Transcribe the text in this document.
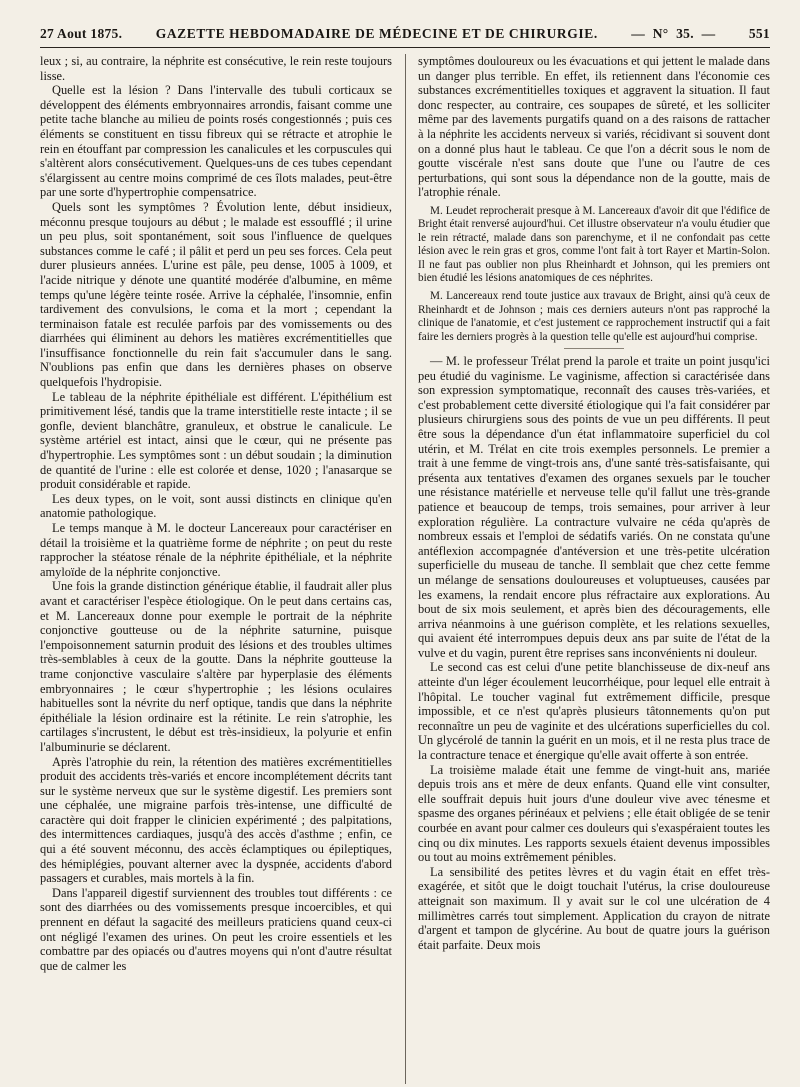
27 Aout 1875. GAZETTE HEBDOMADAIRE DE MÉDECINE ET DE CHIRURGIE. — N° 35. — 551

leux ; si, au contraire, la néphrite est consécutive, le rein reste toujours lisse.

Quelle est la lésion ? Dans l'intervalle des tubuli corticaux se développent des éléments embryonnaires arrondis, faisant comme une petite tache blanche au milieu de points rosés congestionnés ; puis ces éléments se constituent en tissu fibreux qui se rétracte et atrophie le rein en étouffant par compression les canalicules et les corpuscules qui s'altèrent alors consécutivement. Quelques-uns de ces tubes cependant s'élargissent au centre moins comprimé de ces îlots malades, peut-être par une sorte d'hypertrophie compensatrice.

Quels sont les symptômes ? Évolution lente, début insidieux, méconnu presque toujours au début ; le malade est essoufflé ; il urine un peu plus, soit spontanément, soit sous l'influence de quelques substances comme le café ; il pâlit et perd un peu ses forces. Cela peut durer plusieurs années. L'urine est pâle, peu dense, 1005 à 1009, et l'acide nitrique y dénote une quantité modérée d'albumine, en même temps qu'une légère teinte rosée. Arrive la céphalée, l'insomnie, enfin tardivement des convulsions, le coma et la mort ; cependant la terminaison fatale est reculée parfois par des vomissements ou des diarrhées qui éliminent au dehors les matières excrémentitielles que l'insuffisance fonctionnelle du rein fait s'accumuler dans le sang. N'oublions pas enfin que dans les dernières phases on observe quelquefois l'hydropisie.

Le tableau de la néphrite épithéliale est différent. L'épithélium est primitivement lésé, tandis que la trame interstitielle reste intacte ; il se gonfle, devient blanchâtre, granuleux, et obstrue le canalicule. Le système artériel est intact, ainsi que le cœur, qui ne présente pas d'hypertrophie. Les symptômes sont : un début soudain ; la diminution de quantité de l'urine : elle est colorée et dense, 1020 ; l'anasarque se produit considérable et rapide.

Les deux types, on le voit, sont aussi distincts en clinique qu'en anatomie pathologique.

Le temps manque à M. le docteur Lancereaux pour caractériser en détail la troisième et la quatrième forme de néphrite ; on peut du reste rapprocher la stéatose rénale de la néphrite épithéliale, et la néphrite amyloïde de la néphrite conjonctive.

Une fois la grande distinction générique établie, il faudrait aller plus avant et caractériser l'espèce étiologique. On le peut dans certains cas, et M. Lancereaux donne pour exemple le portrait de la néphrite conjonctive goutteuse ou de la néphrite saturnine, puisque l'empoisonnement saturnin produit des lésions et des troubles ultimes très-semblables à ceux de la goutte. Dans la néphrite goutteuse la trame conjonctive vasculaire s'altère par hyperplasie des éléments embryonnaires ; le cœur s'hypertrophie ; les lésions oculaires habituelles sont la névrite du nerf optique, tandis que dans la néphrite épithéliale la lésion ordinaire est la rétinite. Le rein s'atrophie, les cartilages s'incrustent, le début est très-insidieux, la polyurie et enfin l'albuminurie se déclarent.

Après l'atrophie du rein, la rétention des matières excrémentitielles produit des accidents très-variés et encore incomplétement décrits tant sur le système nerveux que sur le système digestif. Les premiers sont une céphalée, une migraine parfois très-intense, une difficulté de caractère qui doit frapper le clinicien expérimenté ; des palpitations, des intermittences cardiaques, jusqu'à des accès d'asthme ; enfin, ce qui a été souvent méconnu, des accès éclamptiques ou épileptiques, des hémiplégies, pouvant alterner avec la dyspnée, accidents d'abord passagers et curables, mais mortels à la fin.

Dans l'appareil digestif surviennent des troubles tout différents : ce sont des diarrhées ou des vomissements presque incoercibles, et qui prennent en défaut la sagacité des meilleurs praticiens quand ceux-ci ont négligé l'examen des urines. On peut les croire essentiels et les combattre par des opiacés ou d'autres moyens qui n'ont d'autre résultat que de calmer les

symptômes douloureux ou les évacuations et qui jettent le malade dans un danger plus terrible. En effet, ils retiennent dans l'économie ces substances excrémentitielles toxiques et aggravent la situation. Il faut donc respecter, au contraire, ces soupapes de sûreté, et les solliciter même par des lavements purgatifs quand on a des raisons de rattacher à la néphrite les accidents nerveux si variés, récidivant si souvent dont on a donné plus haut le tableau. Ce que l'on a décrit sous le nom de goutte viscérale n'est sans doute que l'une ou l'autre de ces perturbations, qui sont sous la dépendance non de la goutte, mais de l'atrophie rénale.

M. Leudet reprocherait presque à M. Lancereaux d'avoir dit que l'édifice de Bright était renversé aujourd'hui. Cet illustre observateur n'a voulu étudier que le rein rétracté, malade dans son parenchyme, et il ne confondait pas cette lésion avec le rein gras et gros, comme l'ont fait à tort Rayer et Martin-Solon. Il ne faut pas oublier non plus Rheinhardt et Johnson, qui les premiers ont bien étudié les lésions anatomiques de ces néphrites.

M. Lancereaux rend toute justice aux travaux de Bright, ainsi qu'à ceux de Rheinhardt et de Johnson ; mais ces derniers auteurs n'ont pas rapproché la clinique de l'anatomie, et c'est justement ce rapprochement instructif qui a fait faire les derniers progrès à la question telle qu'elle est aujourd'hui comprise.

— M. le professeur Trélat prend la parole et traite un point jusqu'ici peu étudié du vaginisme. Le vaginisme, affection si caractérisée dans son expression symptomatique, reconnaît des causes très-variées, et c'est probablement cette diversité étiologique qui l'a fait considérer par plusieurs chirurgiens sous des points de vue un peu différents. Il peut être sous la dépendance d'un état inflammatoire superficiel du col utérin, et M. Trélat en cite trois exemples personnels. Le premier a trait à une femme de vingt-trois ans, d'une santé très-satisfaisante, qui présenta aux tentatives d'examen des organes sexuels par le toucher une résistance matérielle et nerveuse telle qu'il fallut une très-grande patience et beaucoup de temps, trois semaines, pour arriver à leur exploration régulière. La contracture vulvaire ne céda qu'après de nombreux essais et l'emploi de sédatifs variés. On ne constata qu'une antéflexion accompagnée d'antéversion et une très-petite ulcération superficielle du museau de tanche. Il semblait que chez cette femme un mélange de sensations douloureuses et voluptueuses, causées par les examens, la rendait encore plus réfractaire aux explorations. Au bout de six mois seulement, et après bien des découragements, elle arriva néanmoins à une guérison complète, et les relations sexuelles, qui avaient été interrompues depuis deux ans par suite de l'état de la vulve et du vagin, purent être reprises sans inconvénients ni douleur.

Le second cas est celui d'une petite blanchisseuse de dix-neuf ans atteinte d'un léger écoulement leucorrhéique, pour lequel elle entrait à l'hôpital. Le toucher vaginal fut extrêmement difficile, presque impossible, et ce n'est qu'après plusieurs tâtonnements qu'on put reconnaître un peu de vaginite et des ulcérations superficielles du col. Un glycérolé de tannin la guérit en un mois, et il ne resta plus trace de la contracture tenace et énergique qu'elle avait offerte à son entrée.

La troisième malade était une femme de vingt-huit ans, mariée depuis trois ans et mère de deux enfants. Quand elle vint consulter, elle souffrait depuis huit jours d'une douleur vive avec ténesme et spasme des organes périnéaux et pelviens ; elle était obligée de se tenir courbée en avant pour calmer ces douleurs qui s'exaspéraient toutes les cinq ou dix minutes. Les rapports sexuels étaient devenus impossibles ou tout au moins extrêmement pénibles.

La sensibilité des petites lèvres et du vagin était en effet très-exagérée, et sitôt que le doigt touchait l'utérus, la crise douloureuse atteignait son maximum. Il y avait sur le col une ulcération de 4 millimètres carrés tout simplement. Application du crayon de nitrate d'argent et tampon de glycérine. Au bout de quatre jours la guérison était parfaite. Deux mois
